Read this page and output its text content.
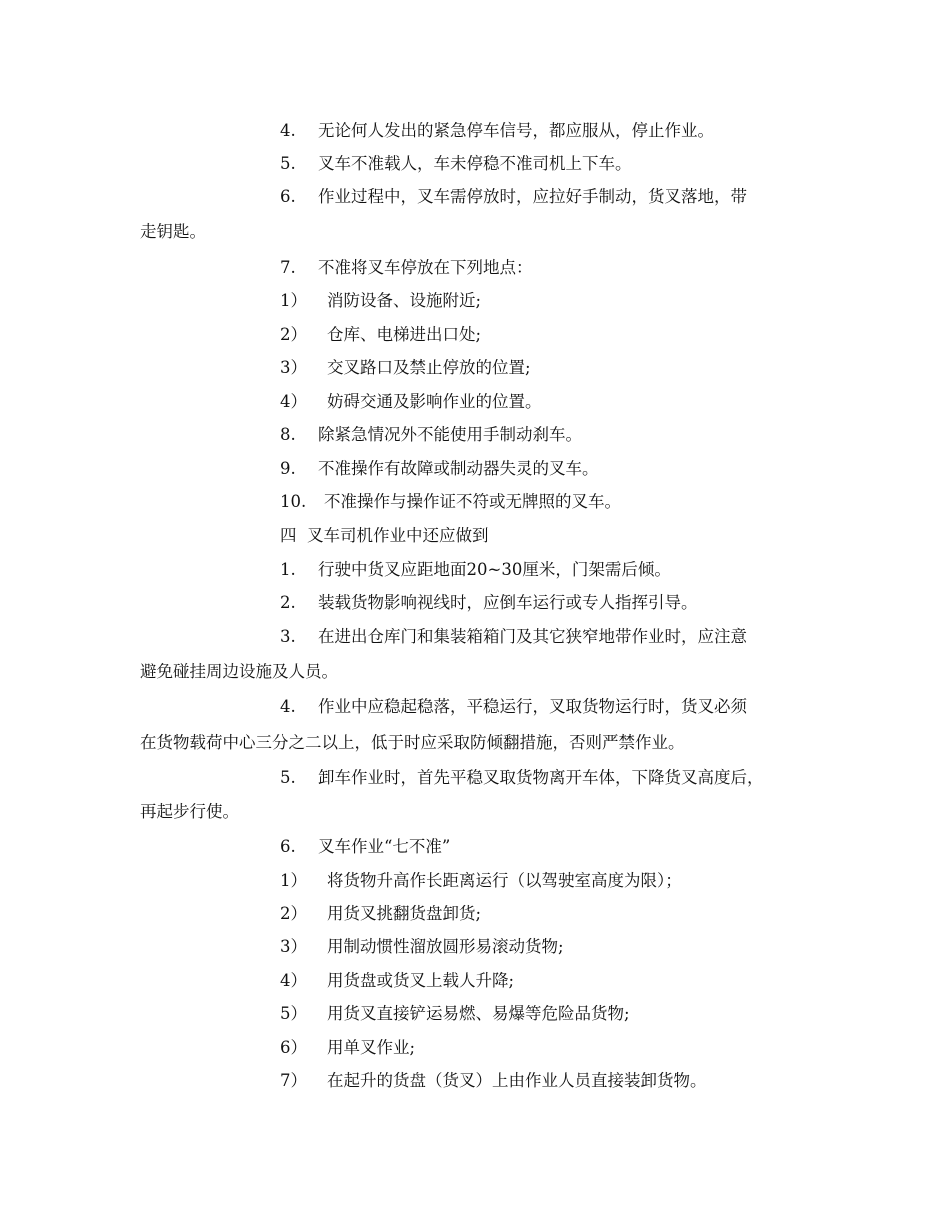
4. 无论何人发出的紧急停车信号，都应服从，停止作业。
5. 叉车不准载人，车未停稳不准司机上下车。
6. 作业过程中，叉车需停放时，应拉好手制动，货叉落地，带
走钥匙。
7. 不准将叉车停放在下列地点：
1） 消防设备、设施附近;
2） 仓库、电梯进出口处;
3） 交叉路口及禁止停放的位置;
4） 妨碍交通及影响作业的位置。
8. 除紧急情况外不能使用手制动刹车。
9. 不准操作有故障或制动器失灵的叉车。
10. 不准操作与操作证不符或无牌照的叉车。
四  叉车司机作业中还应做到
1. 行驶中货叉应距地面20~30厘米，门架需后倾。
2. 装载货物影响视线时，应倒车运行或专人指挥引导。
3. 在进出仓库门和集装箱箱门及其它狭窄地带作业时，应注意
避免碰挂周边设施及人员。
4. 作业中应稳起稳落，平稳运行，叉取货物运行时，货叉必须
在货物载荷中心三分之二以上，低于时应采取防倾翻措施，否则严禁作业。
5. 卸车作业时，首先平稳叉取货物离开车体，下降货叉高度后，
再起步行使。
6. 叉车作业“七不准”
1） 将货物升高作长距离运行（以驾驶室高度为限）；
2） 用货叉挑翻货盘卸货;
3） 用制动惯性溜放圆形易滚动货物;
4） 用货盘或货叉上载人升降;
5） 用货叉直接铲运易燃、易爆等危险品货物;
6） 用单叉作业;
7） 在起升的货盘（货叉）上由作业人员直接装卸货物。
